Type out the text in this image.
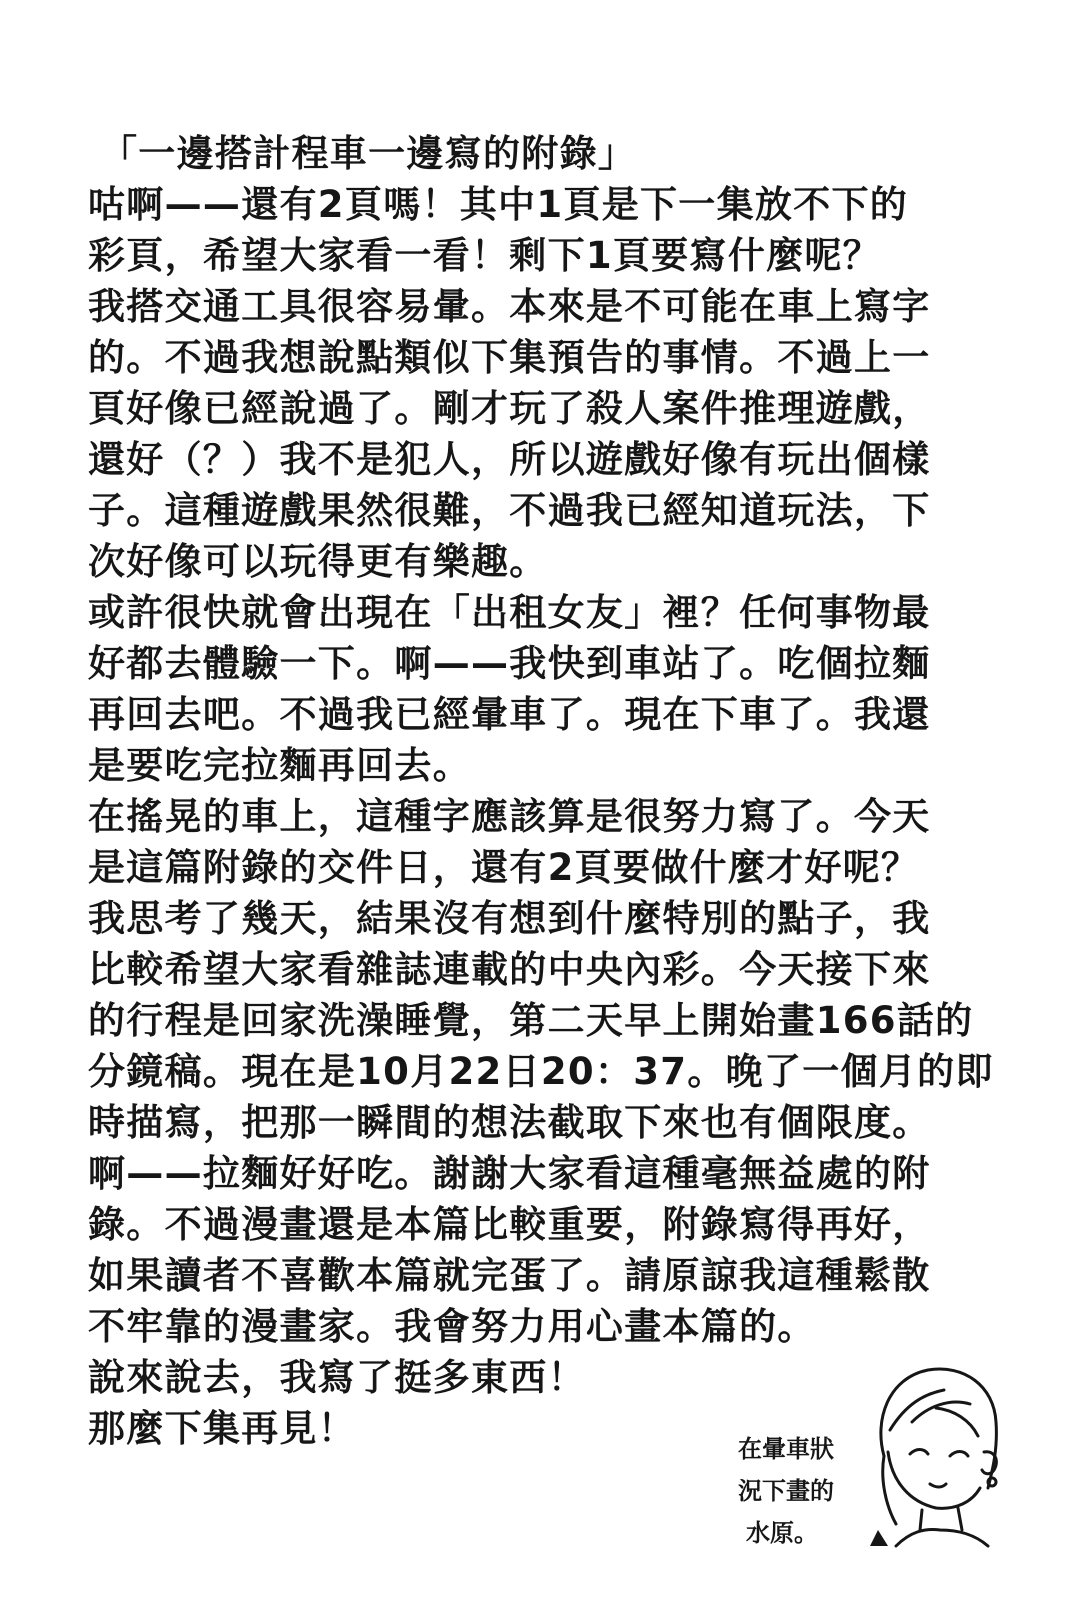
「一邊搭計程車一邊寫的附錄」
咕啊——還有2頁嗎！其中1頁是下一集放不下的
彩頁，希望大家看一看！剩下1頁要寫什麼呢？
我搭交通工具很容易暈。本來是不可能在車上寫字
的。不過我想說點類似下集預告的事情。不過上一
頁好像已經說過了。剛才玩了殺人案件推理遊戲，
還好（？）我不是犯人，所以遊戲好像有玩出個樣
子。這種遊戲果然很難，不過我已經知道玩法，下
次好像可以玩得更有樂趣。
或許很快就會出現在「出租女友」裡？任何事物最
好都去體驗一下。啊——我快到車站了。吃個拉麵
再回去吧。不過我已經暈車了。現在下車了。我還
是要吃完拉麵再回去。
在搖晃的車上，這種字應該算是很努力寫了。今天
是這篇附錄的交件日，還有2頁要做什麼才好呢？
我思考了幾天，結果沒有想到什麼特別的點子，我
比較希望大家看雜誌連載的中央內彩。今天接下來
的行程是回家洗澡睡覺，第二天早上開始畫166話的
分鏡稿。現在是10月22日20：37。晚了一個月的即
時描寫，把那一瞬間的想法截取下來也有個限度。
啊——拉麵好好吃。謝謝大家看這種毫無益處的附
錄。不過漫畫還是本篇比較重要，附錄寫得再好，
如果讀者不喜歡本篇就完蛋了。請原諒我這種鬆散
不牢靠的漫畫家。我會努力用心畫本篇的。
說來說去，我寫了挺多東西！
那麼下集再見！	在暈車狀
況下畫的
水原。
